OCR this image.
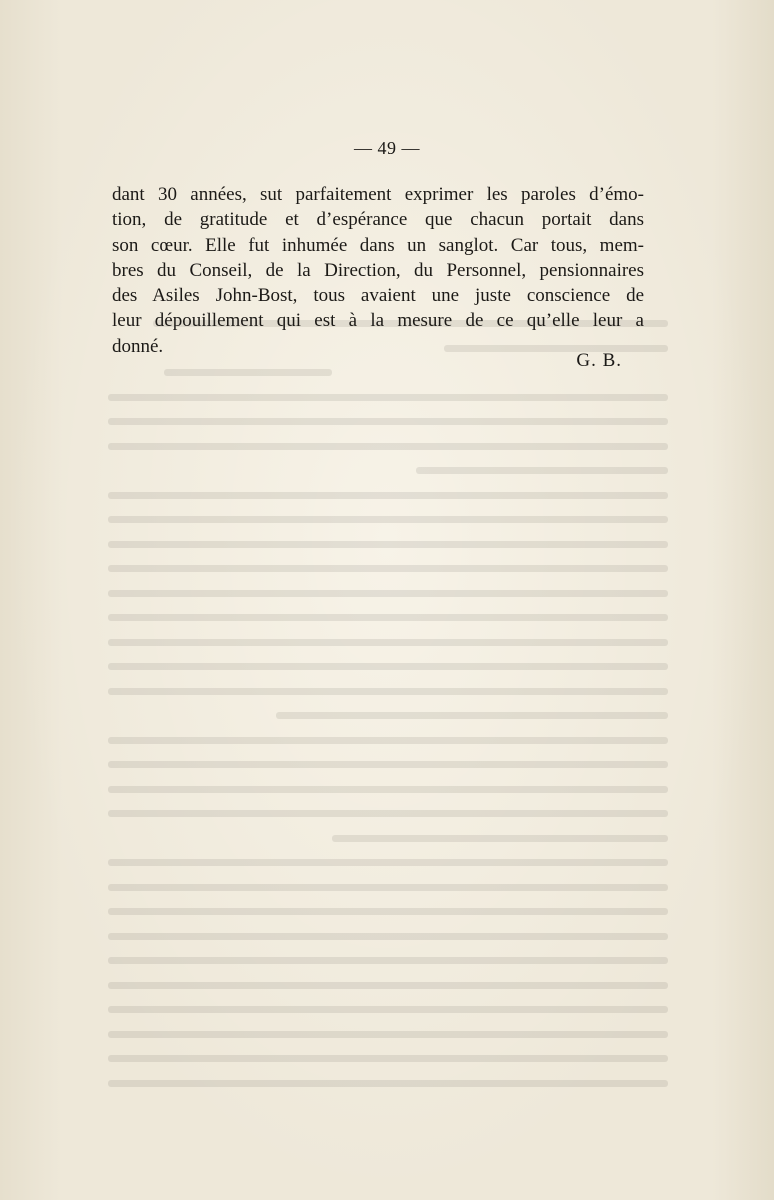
— 49 —
dant 30 années, sut parfaitement exprimer les paroles d’émo-
tion, de gratitude et d’espérance que chacun portait dans
son cœur. Elle fut inhumée dans un sanglot. Car tous, mem-
bres du Conseil, de la Direction, du Personnel, pensionnaires
des Asiles John-Bost, tous avaient une juste conscience de
leur dépouillement qui est à la mesure de ce qu’elle leur a
donné.
G. B.
